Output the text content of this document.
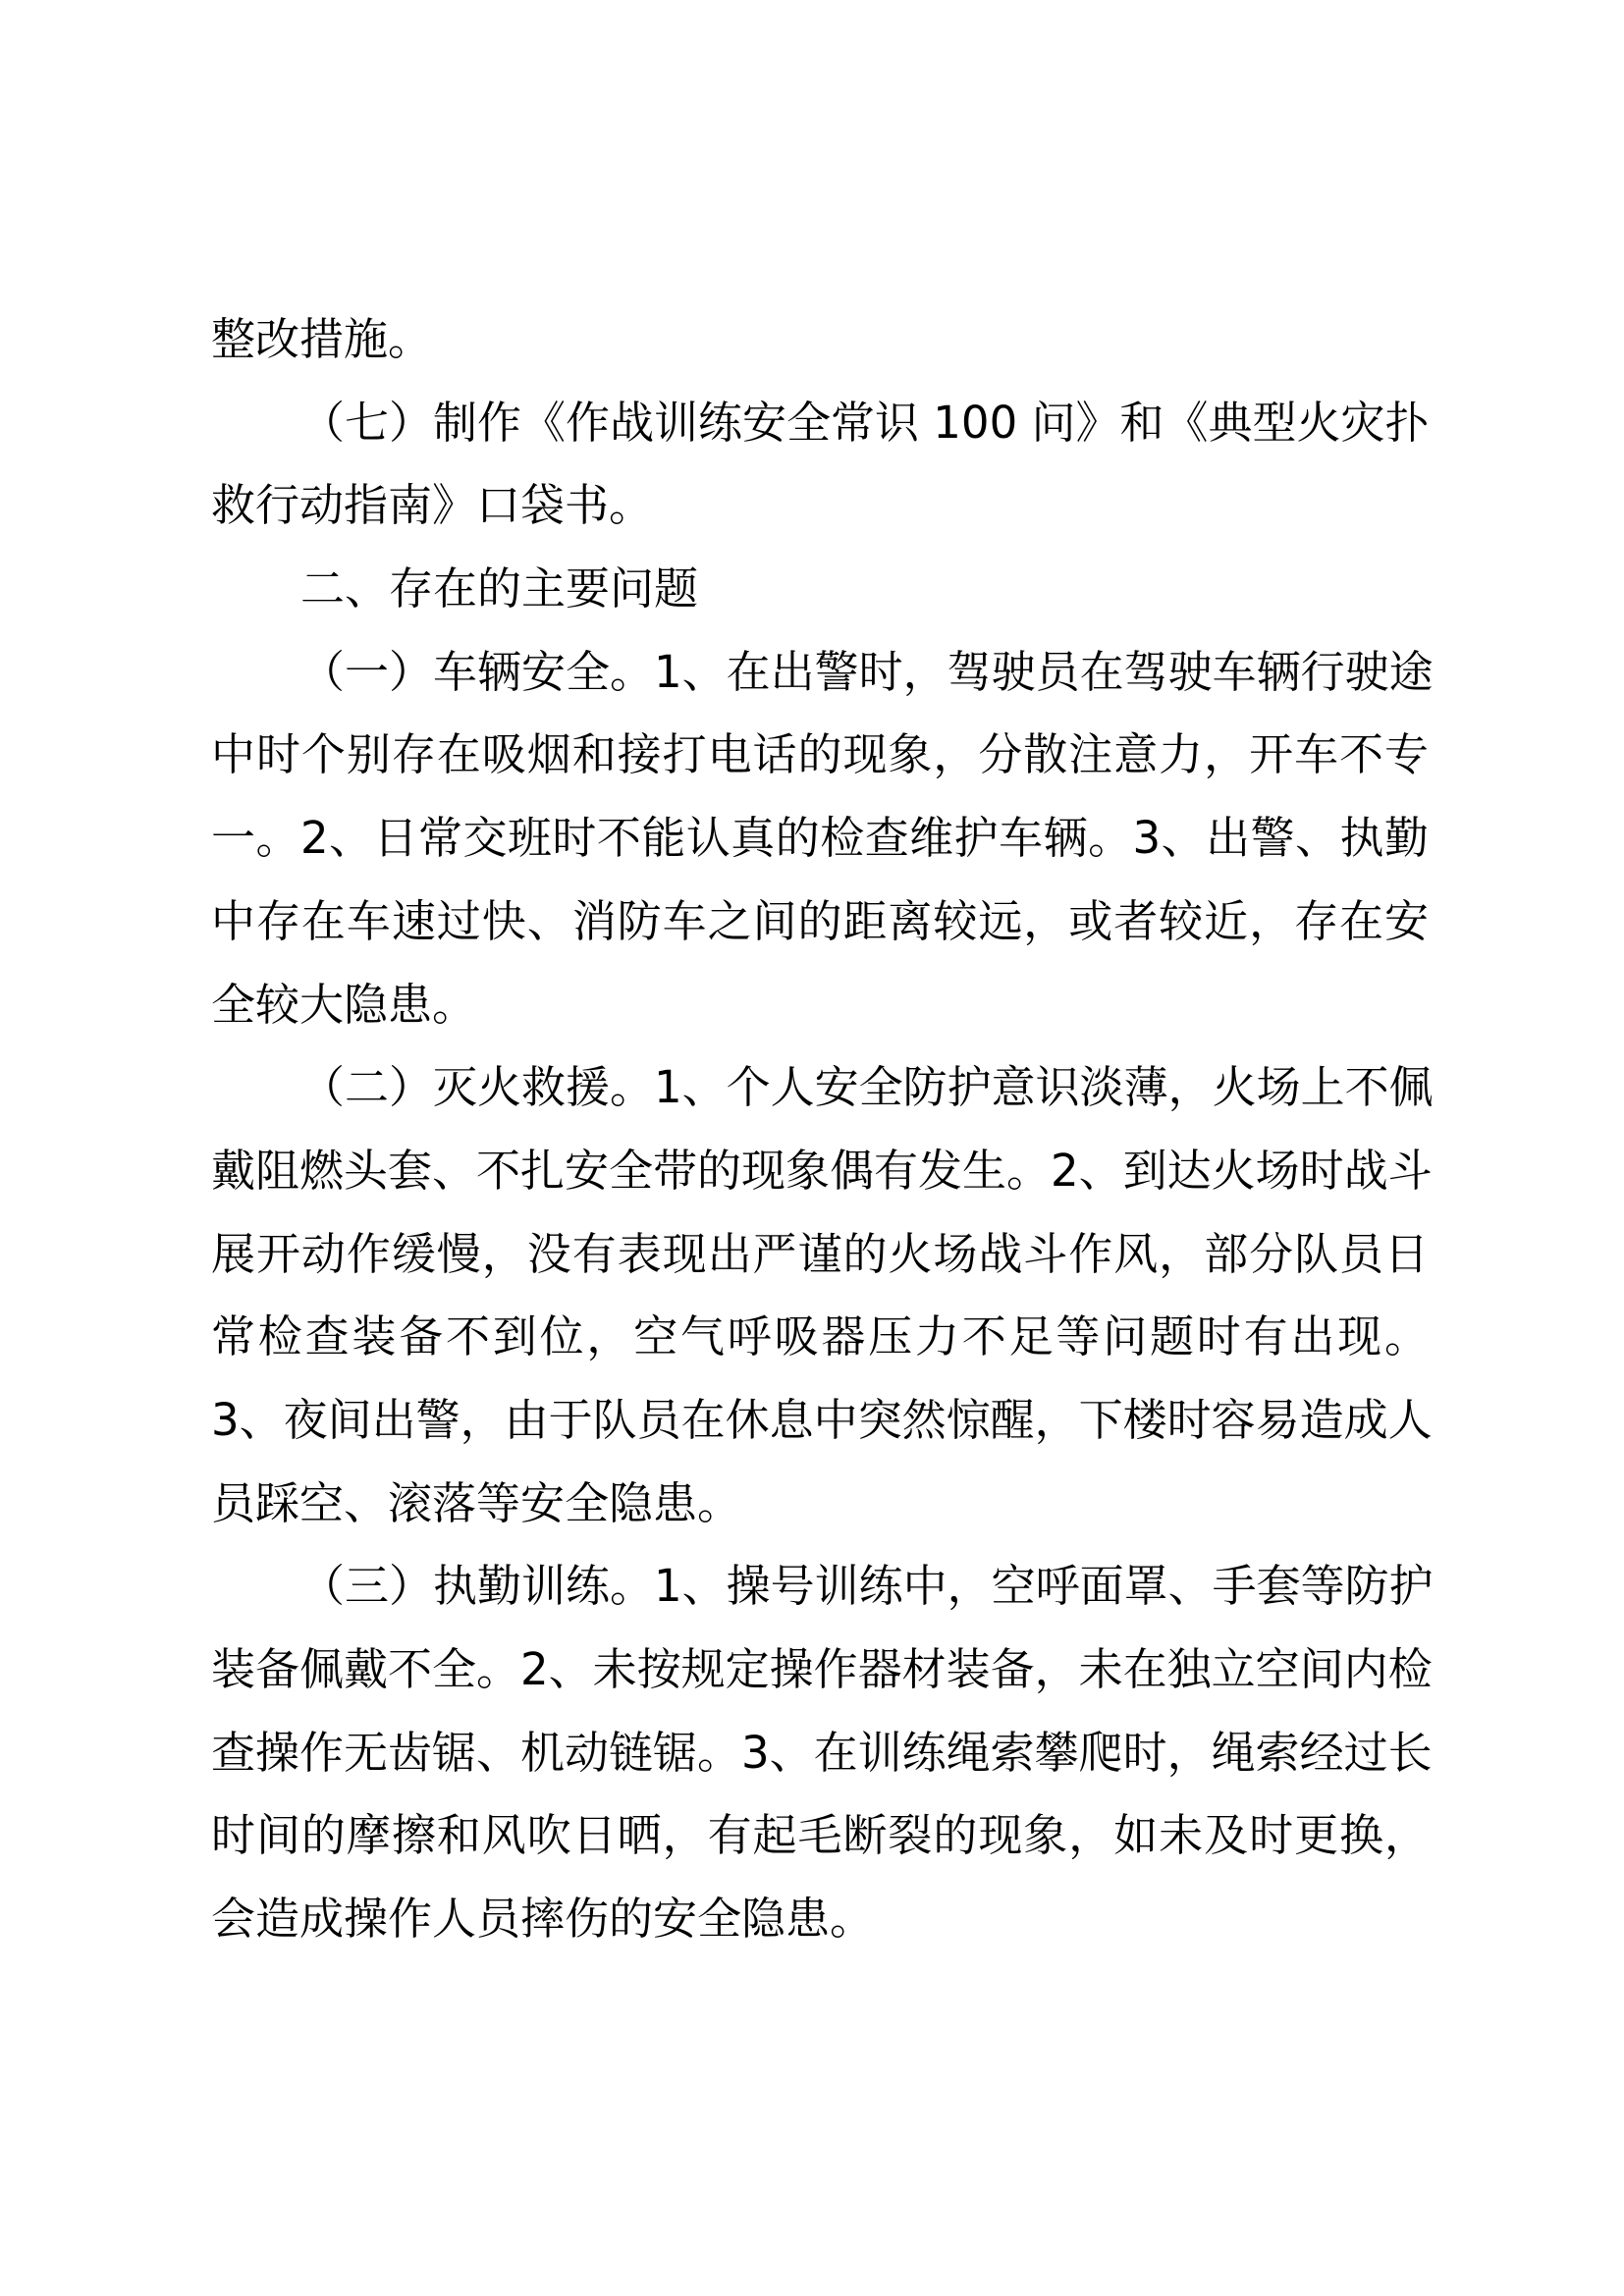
整改措施。
（七）制作《作战训练安全常识 100 问》和《典型火灾扑
救行动指南》口袋书。
二、存在的主要问题
（一）车辆安全。1、在出警时，驾驶员在驾驶车辆行驶途
中时个别存在吸烟和接打电话的现象，分散注意力，开车不专
一。2、日常交班时不能认真的检查维护车辆。3、出警、执勤
中存在车速过快、消防车之间的距离较远，或者较近，存在安
全较大隐患。
（二）灭火救援。1、个人安全防护意识淡薄，火场上不佩
戴阻燃头套、不扎安全带的现象偶有发生。2、到达火场时战斗
展开动作缓慢，没有表现出严谨的火场战斗作风，部分队员日
常检查装备不到位，空气呼吸器压力不足等问题时有出现。
3、夜间出警，由于队员在休息中突然惊醒，下楼时容易造成人
员踩空、滚落等安全隐患。
（三）执勤训练。1、操号训练中，空呼面罩、手套等防护
装备佩戴不全。2、未按规定操作器材装备，未在独立空间内检
查操作无齿锯、机动链锯。3、在训练绳索攀爬时，绳索经过长
时间的摩擦和风吹日晒，有起毛断裂的现象，如未及时更换，
会造成操作人员摔伤的安全隐患。
